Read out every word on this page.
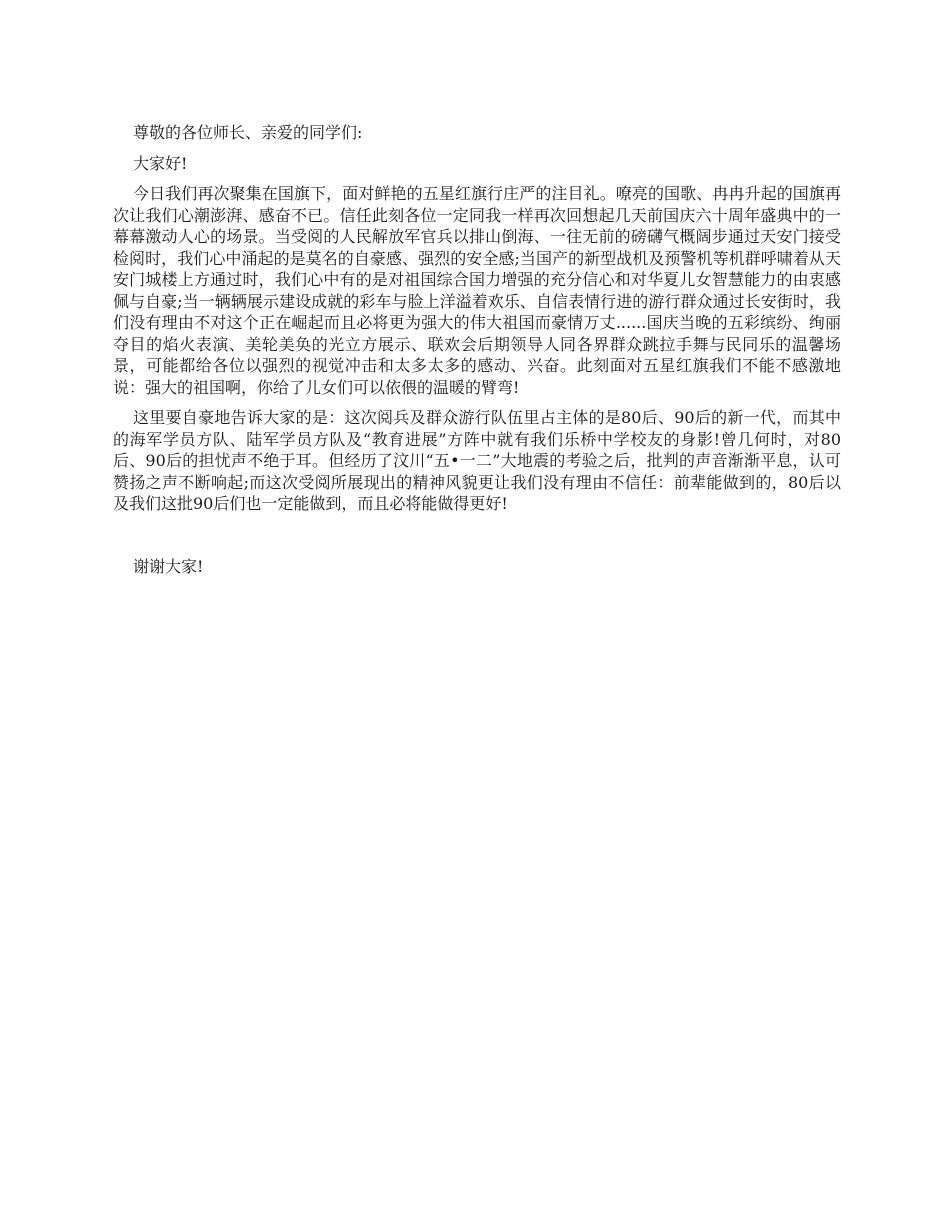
尊敬的各位师长、亲爱的同学们:

大家好!

今日我们再次聚集在国旗下，面对鲜艳的五星红旗行庄严的注目礼。嘹亮的国歌、冉冉升起的国旗再次让我们心潮澎湃、感奋不已。信任此刻各位一定同我一样再次回想起几天前国庆六十周年盛典中的一幕幕激动人心的场景。当受阅的人民解放军官兵以排山倒海、一往无前的磅礴气概阔步通过天安门接受检阅时，我们心中涌起的是莫名的自豪感、强烈的安全感;当国产的新型战机及预警机等机群呼啸着从天安门城楼上方通过时，我们心中有的是对祖国综合国力增强的充分信心和对华夏儿女智慧能力的由衷感佩与自豪;当一辆辆展示建设成就的彩车与脸上洋溢着欢乐、自信表情行进的游行群众通过长安街时，我们没有理由不对这个正在崛起而且必将更为强大的伟大祖国而豪情万丈......国庆当晚的五彩缤纷、绚丽夺目的焰火表演、美轮美奂的光立方展示、联欢会后期领导人同各界群众跳拉手舞与民同乐的温馨场景，可能都给各位以强烈的视觉冲击和太多太多的感动、兴奋。此刻面对五星红旗我们不能不感激地说：强大的祖国啊，你给了儿女们可以依偎的温暖的臂弯!

这里要自豪地告诉大家的是：这次阅兵及群众游行队伍里占主体的是80后、90后的新一代，而其中的海军学员方队、陆军学员方队及“教育进展”方阵中就有我们乐桥中学校友的身影!曾几何时，对80后、90后的担忧声不绝于耳。但经历了汶川“五•一二”大地震的考验之后，批判的声音渐渐平息，认可赞扬之声不断响起;而这次受阅所展现出的精神风貌更让我们没有理由不信任：前辈能做到的，80后以及我们这批90后们也一定能做到，而且必将能做得更好!

谢谢大家!
